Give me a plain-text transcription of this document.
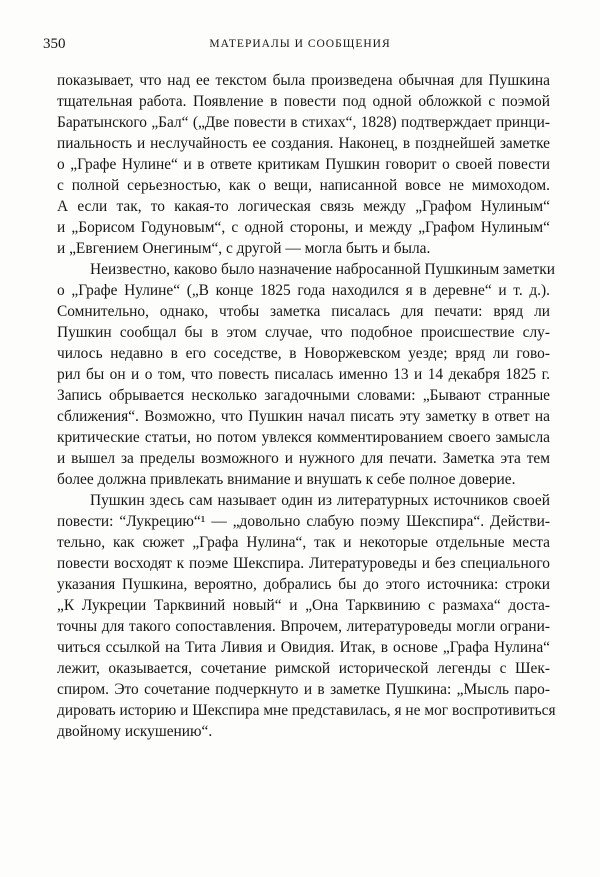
350	МАТЕРИАЛЫ И СООБЩЕНИЯ
показывает, что над ее текстом была произведена обычная для Пушкина
тщательная работа. Появление в повести под одной обложкой с поэмой
Баратынского „Бал“ („Две повести в стихах“, 1828) подтверждает принци-
пиальность и неслучайность ее создания. Наконец, в позднейшей заметке
о „Графе Нулине“ и в ответе критикам Пушкин говорит о своей повести
с полной серьезностью, как о вещи, написанной вовсе не мимоходом.
А если так, то какая-то логическая связь между „Графом Нулиным“
и „Борисом Годуновым“, с одной стороны, и между „Графом Нулиным“
и „Евгением Онегиным“, с другой — могла быть и была.
Неизвестно, каково было назначение набросанной Пушкиным заметки
о „Графе Нулине“ („В конце 1825 года находился я в деревне“ и т. д.).
Сомнительно, однако, чтобы заметка писалась для печати: вряд ли
Пушкин сообщал бы в этом случае, что подобное происшествие слу-
чилось недавно в его соседстве, в Новоржевском уезде; вряд ли гово-
рил бы он и о том, что повесть писалась именно 13 и 14 декабря 1825 г.
Запись обрывается несколько загадочными словами: „Бывают странные
сближения“. Возможно, что Пушкин начал писать эту заметку в ответ на
критические статьи, но потом увлекся комментированием своего замысла
и вышел за пределы возможного и нужного для печати. Заметка эта тем
более должна привлекать внимание и внушать к себе полное доверие.
Пушкин здесь сам называет один из литературных источников своей
повести: “Лукрецию“¹ — „довольно слабую поэму Шекспира“. Действи-
тельно, как сюжет „Графа Нулина“, так и некоторые отдельные места
повести восходят к поэме Шекспира. Литературоведы и без специального
указания Пушкина, вероятно, добрались бы до этого источника: строки
„К Лукреции Тарквиний новый“ и „Она Тарквинию с размаха“ доста-
точны для такого сопоставления. Впрочем, литературоведы могли ограни-
читься ссылкой на Тита Ливия и Овидия. Итак, в основе „Графа Нулина“
лежит, оказывается, сочетание римской исторической легенды с Шек-
спиром. Это сочетание подчеркнуто и в заметке Пушкина: „Мысль паро-
дировать историю и Шекспира мне представилась, я не мог воспротивиться
двойному искушению“.
